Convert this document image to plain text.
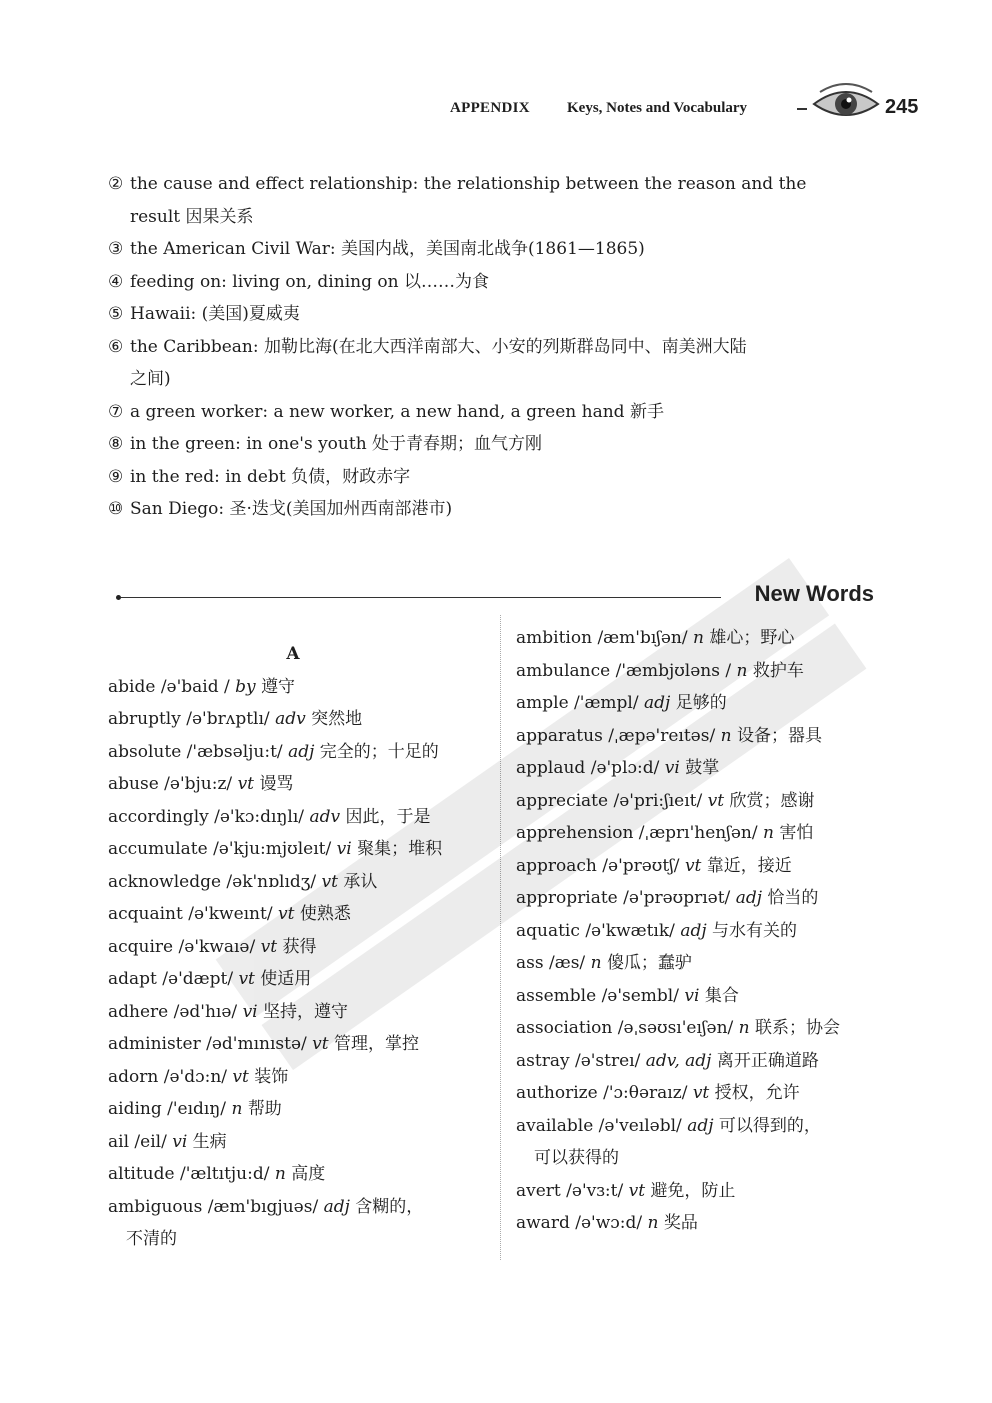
APPENDIX Keys, Notes and Vocabulary	245
② the cause and effect relationship: the relationship between the reason and the
result 因果关系
③ the American Civil War: 美国内战，美国南北战争(1861—1865)
④ feeding on: living on, dining on 以……为食
⑤ Hawaii: (美国)夏威夷
⑥ the Caribbean: 加勒比海(在北大西洋南部大、小安的列斯群岛同中、南美洲大陆
之间)
⑦ a green worker: a new worker, a new hand, a green hand 新手
⑧ in the green: in one's youth 处于青春期；血气方刚
⑨ in the red: in debt 负债，财政赤字
⑩ San Diego: 圣·迭戈(美国加州西南部港市)
New Words
A
abide /ə'baid / by 遵守
abruptly /ə'brʌptlı/ adv 突然地
absolute /'æbsəlju:t/ adj 完全的；十足的
abuse /ə'bju:z/ vt 谩骂
accordingly /ə'kɔ:dıŋlı/ adv 因此，于是
accumulate /ə'kju:mjʊleıt/ vi 聚集；堆积
acknowledge /ək'nɒlıdʒ/ vt 承认
acquaint /ə'kweınt/ vt 使熟悉
acquire /ə'kwaıə/ vt 获得
adapt /ə'dæpt/ vt 使适用
adhere /əd'hıə/ vi 坚持，遵守
administer /əd'mınıstə/ vt 管理，掌控
adorn /ə'dɔ:n/ vt 装饰
aiding /'eıdıŋ/ n 帮助
ail /eil/ vi 生病
altitude /'æltıtju:d/ n 高度
ambiguous /æm'bıgjuəs/ adj 含糊的，
不清的
ambition /æm'bıʃən/ n 雄心；野心
ambulance /'æmbjʊləns / n 救护车
ample /'æmpl/ adj 足够的
apparatus /ˌæpə'reıtəs/ n 设备；器具
applaud /ə'plɔ:d/ vi 鼓掌
appreciate /ə'pri:ʃıeıt/ vt 欣赏；感谢
apprehension /ˌæprı'henʃən/ n 害怕
approach /ə'prəʊtʃ/ vt 靠近，接近
appropriate /ə'prəʊprıət/ adj 恰当的
aquatic /ə'kwætık/ adj 与水有关的
ass /æs/ n 傻瓜；蠢驴
assemble /ə'sembl/ vi 集合
association /əˌsəʊsı'eıʃən/ n 联系；协会
astray /ə'streı/ adv, adj 离开正确道路
authorize /'ɔ:θəraız/ vt 授权，允许
available /ə'veıləbl/ adj 可以得到的，
可以获得的
avert /ə'vɜ:t/ vt 避免，防止
award /ə'wɔ:d/ n 奖品
